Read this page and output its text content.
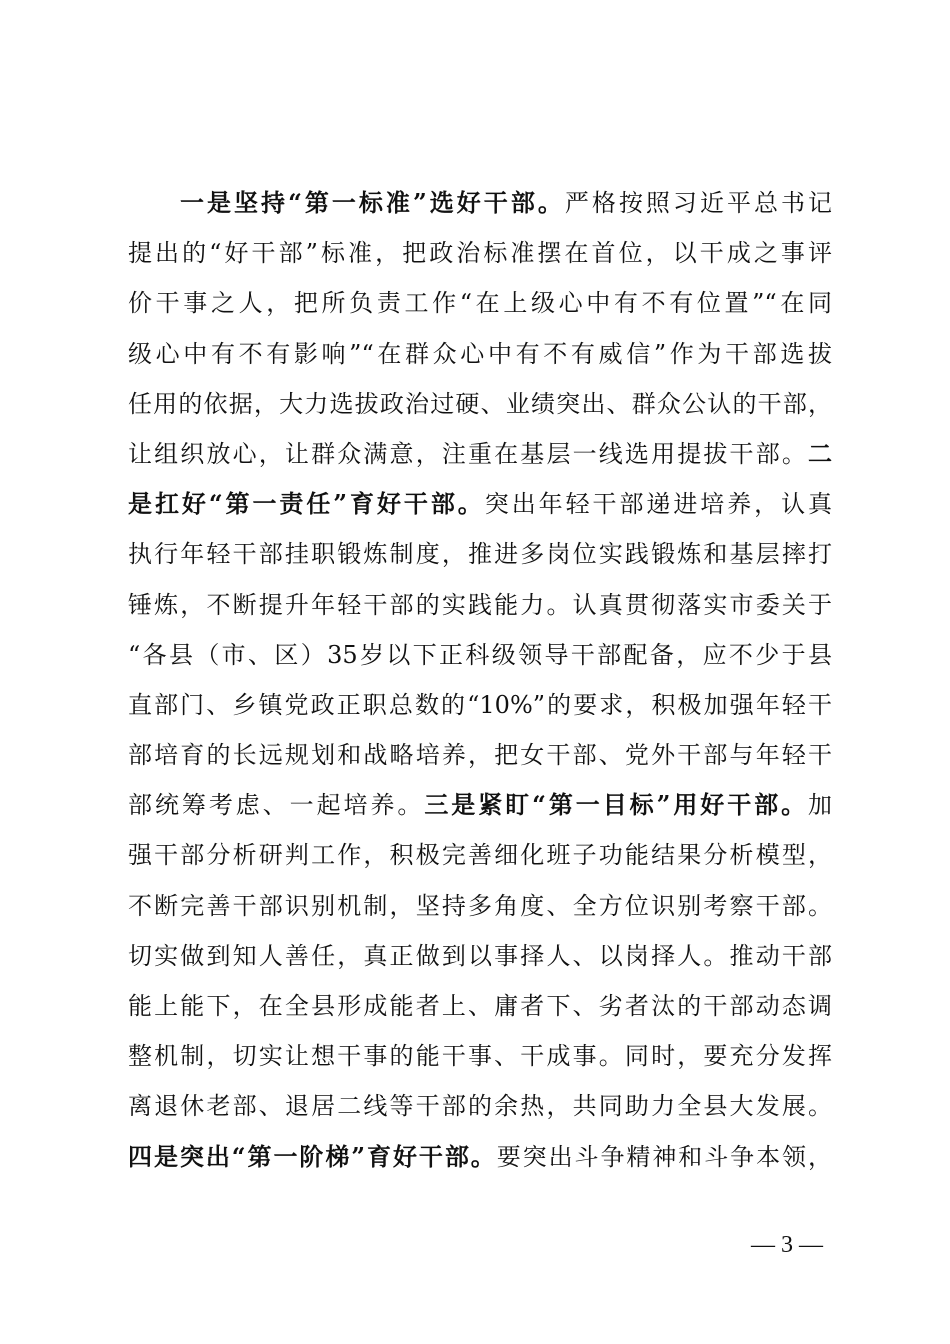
一是坚持“第一标准”选好干部。严格按照习近平总书记
提出的“好干部”标准，把政治标准摆在首位，以干成之事评
价干事之人，把所负责工作“在上级心中有不有位置”“在同
级心中有不有影响”“在群众心中有不有威信”作为干部选拔
任用的依据，大力选拔政治过硬、业绩突出、群众公认的干部，
让组织放心，让群众满意，注重在基层一线选用提拔干部。二
是扛好“第一责任”育好干部。突出年轻干部递进培养，认真
执行年轻干部挂职锻炼制度，推进多岗位实践锻炼和基层摔打
锤炼，不断提升年轻干部的实践能力。认真贯彻落实市委关于
“各县（市、区）35岁以下正科级领导干部配备，应不少于县
直部门、乡镇党政正职总数的“10%”的要求，积极加强年轻干
部培育的长远规划和战略培养，把女干部、党外干部与年轻干
部统筹考虑、一起培养。三是紧盯“第一目标”用好干部。加
强干部分析研判工作，积极完善细化班子功能结果分析模型，
不断完善干部识别机制，坚持多角度、全方位识别考察干部。
切实做到知人善任，真正做到以事择人、以岗择人。推动干部
能上能下，在全县形成能者上、庸者下、劣者汰的干部动态调
整机制，切实让想干事的能干事、干成事。同时，要充分发挥
离退休老部、退居二线等干部的余热，共同助力全县大发展。
四是突出“第一阶梯”育好干部。要突出斗争精神和斗争本领，
— 3 —
